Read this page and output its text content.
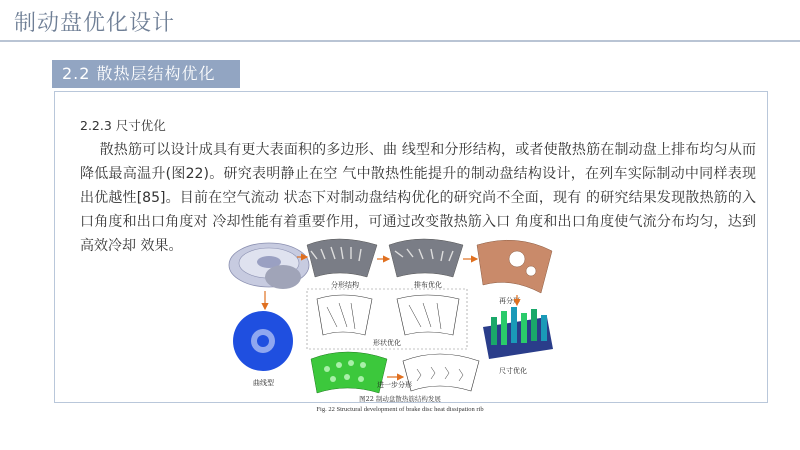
制动盘优化设计
2.2 散热层结构优化
2.2.3 尺寸优化
散热筋可以设计成具有更大表面积的多边形、曲 线型和分形结构，或者使散热筋在制动盘上排布均匀从而降低最高温升(图22)。研究表明静止在空 气中散热性能提升的制动盘结构设计，在列车实际制动中同样表现出优越性[85]。目前在空气流动 状态下对制动盘结构优化的研究尚不全面，现有 的研究结果发现散热筋的入口角度和出口角度对 冷却性能有着重要作用，可通过改变散热筋入口 角度和出口角度使气流分布均匀，达到高效冷却 效果。
分形结构	排布优化
再分形
形状优化
曲线型
尺寸优化
进一步分形
图22 制动盘散热筋结构发展
Fig. 22 Structural development of brake disc heat dissipation rib
